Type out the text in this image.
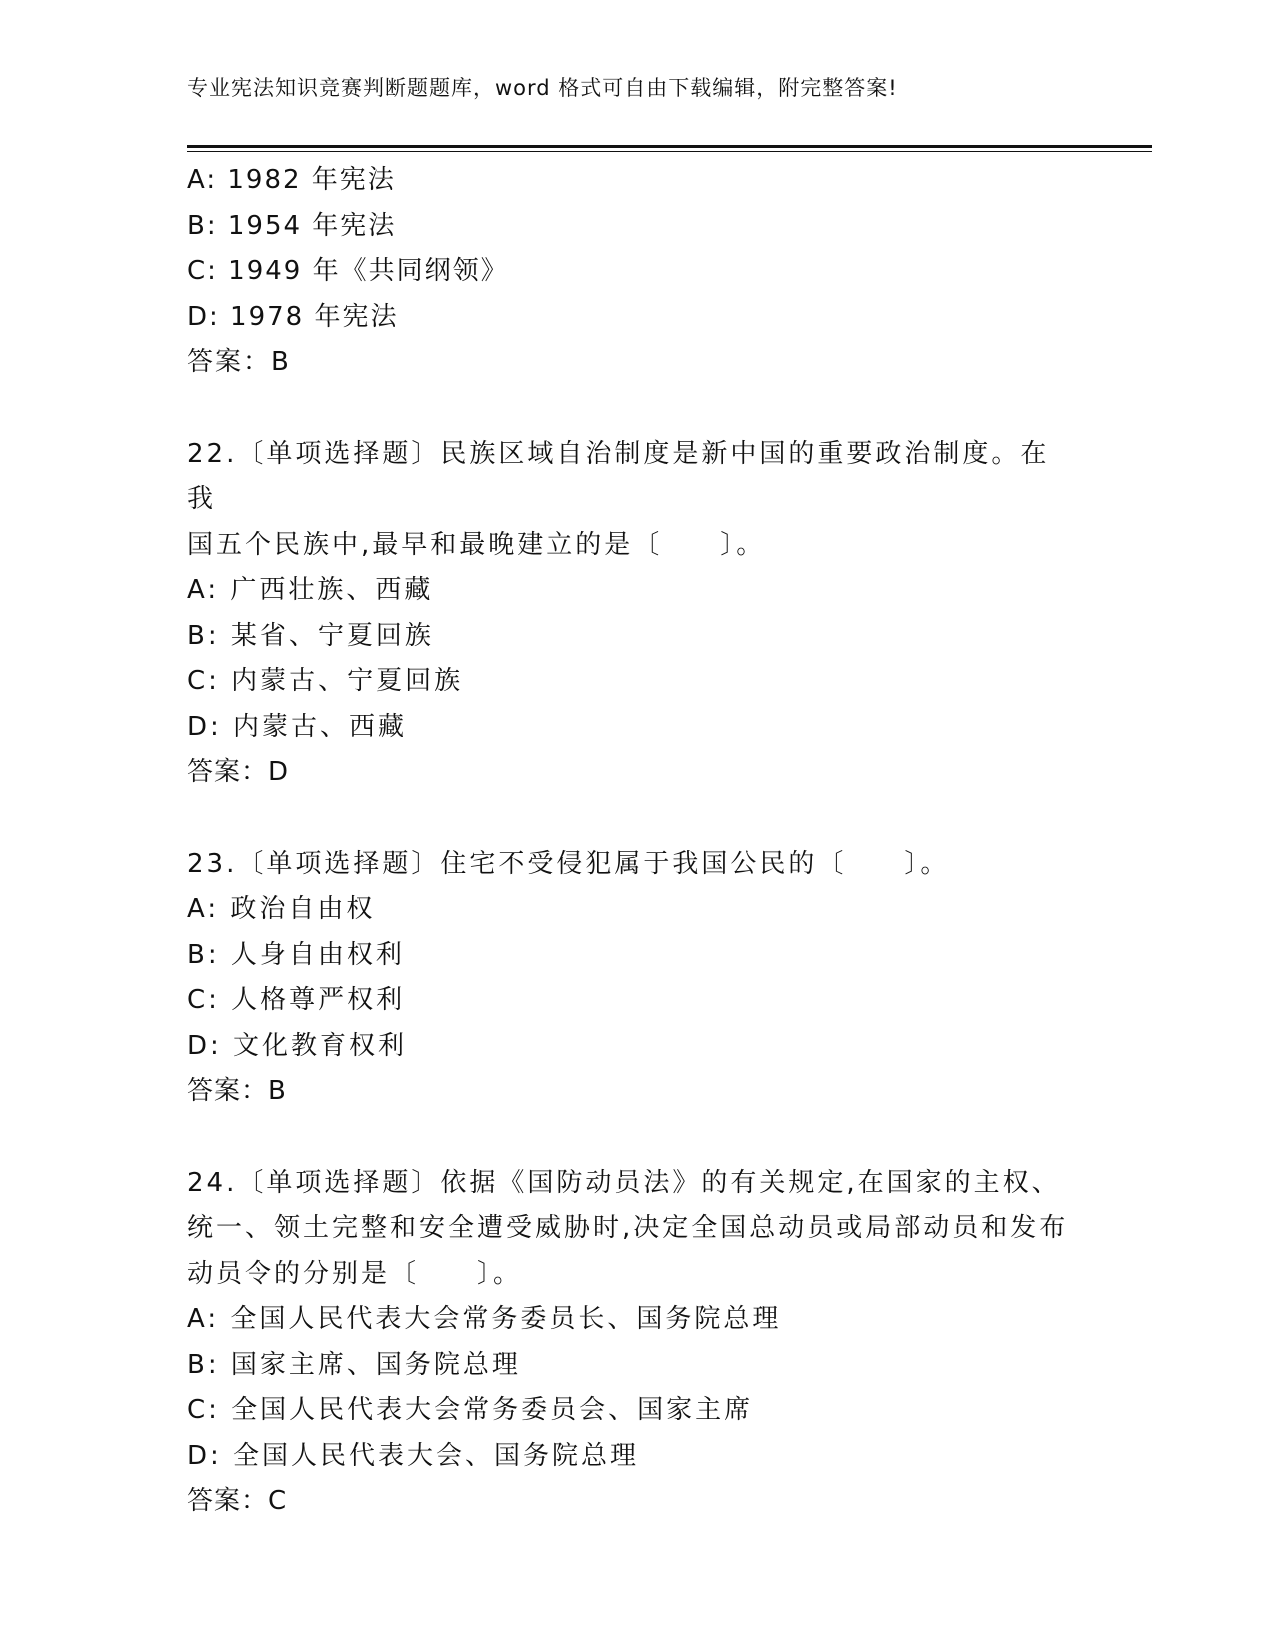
专业宪法知识竞赛判断题题库，word 格式可自由下载编辑，附完整答案!
A: 1982 年宪法
B: 1954 年宪法
C: 1949 年《共同纲领》
D: 1978 年宪法
答案：B
22.〔单项选择题〕民族区域自治制度是新中国的重要政治制度。在我
国五个民族中,最早和最晚建立的是〔　　〕。
A: 广西壮族、西藏
B: 某省、宁夏回族
C: 内蒙古、宁夏回族
D: 内蒙古、西藏
答案：D
23.〔单项选择题〕住宅不受侵犯属于我国公民的〔　　〕。
A: 政治自由权
B: 人身自由权利
C: 人格尊严权利
D: 文化教育权利
答案：B
24.〔单项选择题〕依据《国防动员法》的有关规定,在国家的主权、
统一、领土完整和安全遭受威胁时,决定全国总动员或局部动员和发布
动员令的分别是〔　　〕。
A: 全国人民代表大会常务委员长、国务院总理
B: 国家主席、国务院总理
C: 全国人民代表大会常务委员会、国家主席
D: 全国人民代表大会、国务院总理
答案：C
